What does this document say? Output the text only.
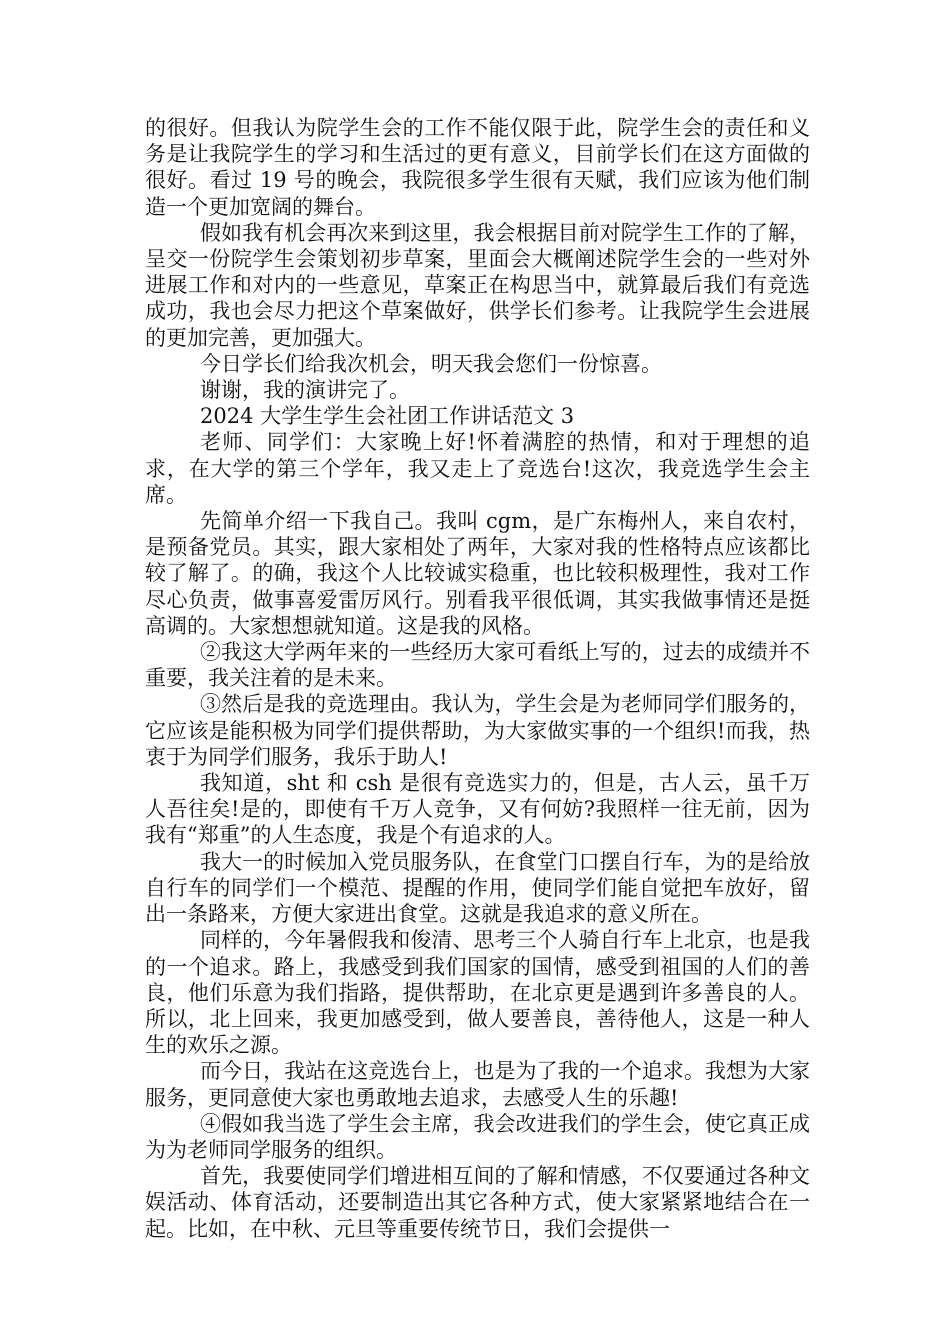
的很好。但我认为院学生会的工作不能仅限于此，院学生会的责任和义务是让我院学生的学习和生活过的更有意义，目前学长们在这方面做的很好。看过 19 号的晚会，我院很多学生很有天赋，我们应该为他们制造一个更加宽阔的舞台。

假如我有机会再次来到这里，我会根据目前对院学生工作的了解，呈交一份院学生会策划初步草案，里面会大概阐述院学生会的一些对外进展工作和对内的一些意见，草案正在构思当中，就算最后我们有竞选成功，我也会尽力把这个草案做好，供学长们参考。让我院学生会进展的更加完善，更加强大。

今日学长们给我次机会，明天我会您们一份惊喜。

谢谢，我的演讲完了。

2024 大学生学生会社团工作讲话范文 3

老师、同学们：大家晚上好!怀着满腔的热情，和对于理想的追求，在大学的第三个学年，我又走上了竞选台!这次，我竞选学生会主席。

先简单介绍一下我自己。我叫 cgm，是广东梅州人，来自农村，是预备党员。其实，跟大家相处了两年，大家对我的性格特点应该都比较了解了。的确，我这个人比较诚实稳重，也比较积极理性，我对工作尽心负责，做事喜爱雷厉风行。别看我平很低调，其实我做事情还是挺高调的。大家想想就知道。这是我的风格。

②我这大学两年来的一些经历大家可看纸上写的，过去的成绩并不重要，我关注着的是未来。

③然后是我的竞选理由。我认为，学生会是为老师同学们服务的，它应该是能积极为同学们提供帮助，为大家做实事的一个组织!而我，热衷于为同学们服务，我乐于助人!

我知道，sht 和 csh 是很有竞选实力的，但是，古人云，虽千万人吾往矣!是的，即使有千万人竞争，又有何妨?我照样一往无前，因为我有“郑重”的人生态度，我是个有追求的人。

我大一的时候加入党员服务队，在食堂门口摆自行车，为的是给放自行车的同学们一个模范、提醒的作用，使同学们能自觉把车放好，留出一条路来，方便大家进出食堂。这就是我追求的意义所在。

同样的，今年暑假我和俊清、思考三个人骑自行车上北京，也是我的一个追求。路上，我感受到我们国家的国情，感受到祖国的人们的善良，他们乐意为我们指路，提供帮助，在北京更是遇到许多善良的人。所以，北上回来，我更加感受到，做人要善良，善待他人，这是一种人生的欢乐之源。

而今日，我站在这竞选台上，也是为了我的一个追求。我想为大家服务，更同意使大家也勇敢地去追求，去感受人生的乐趣!

④假如我当选了学生会主席，我会改进我们的学生会，使它真正成为为老师同学服务的组织。

首先，我要使同学们增进相互间的了解和情感，不仅要通过各种文娱活动、体育活动，还要制造出其它各种方式，使大家紧紧地结合在一起。比如，在中秋、元旦等重要传统节日，我们会提供一
